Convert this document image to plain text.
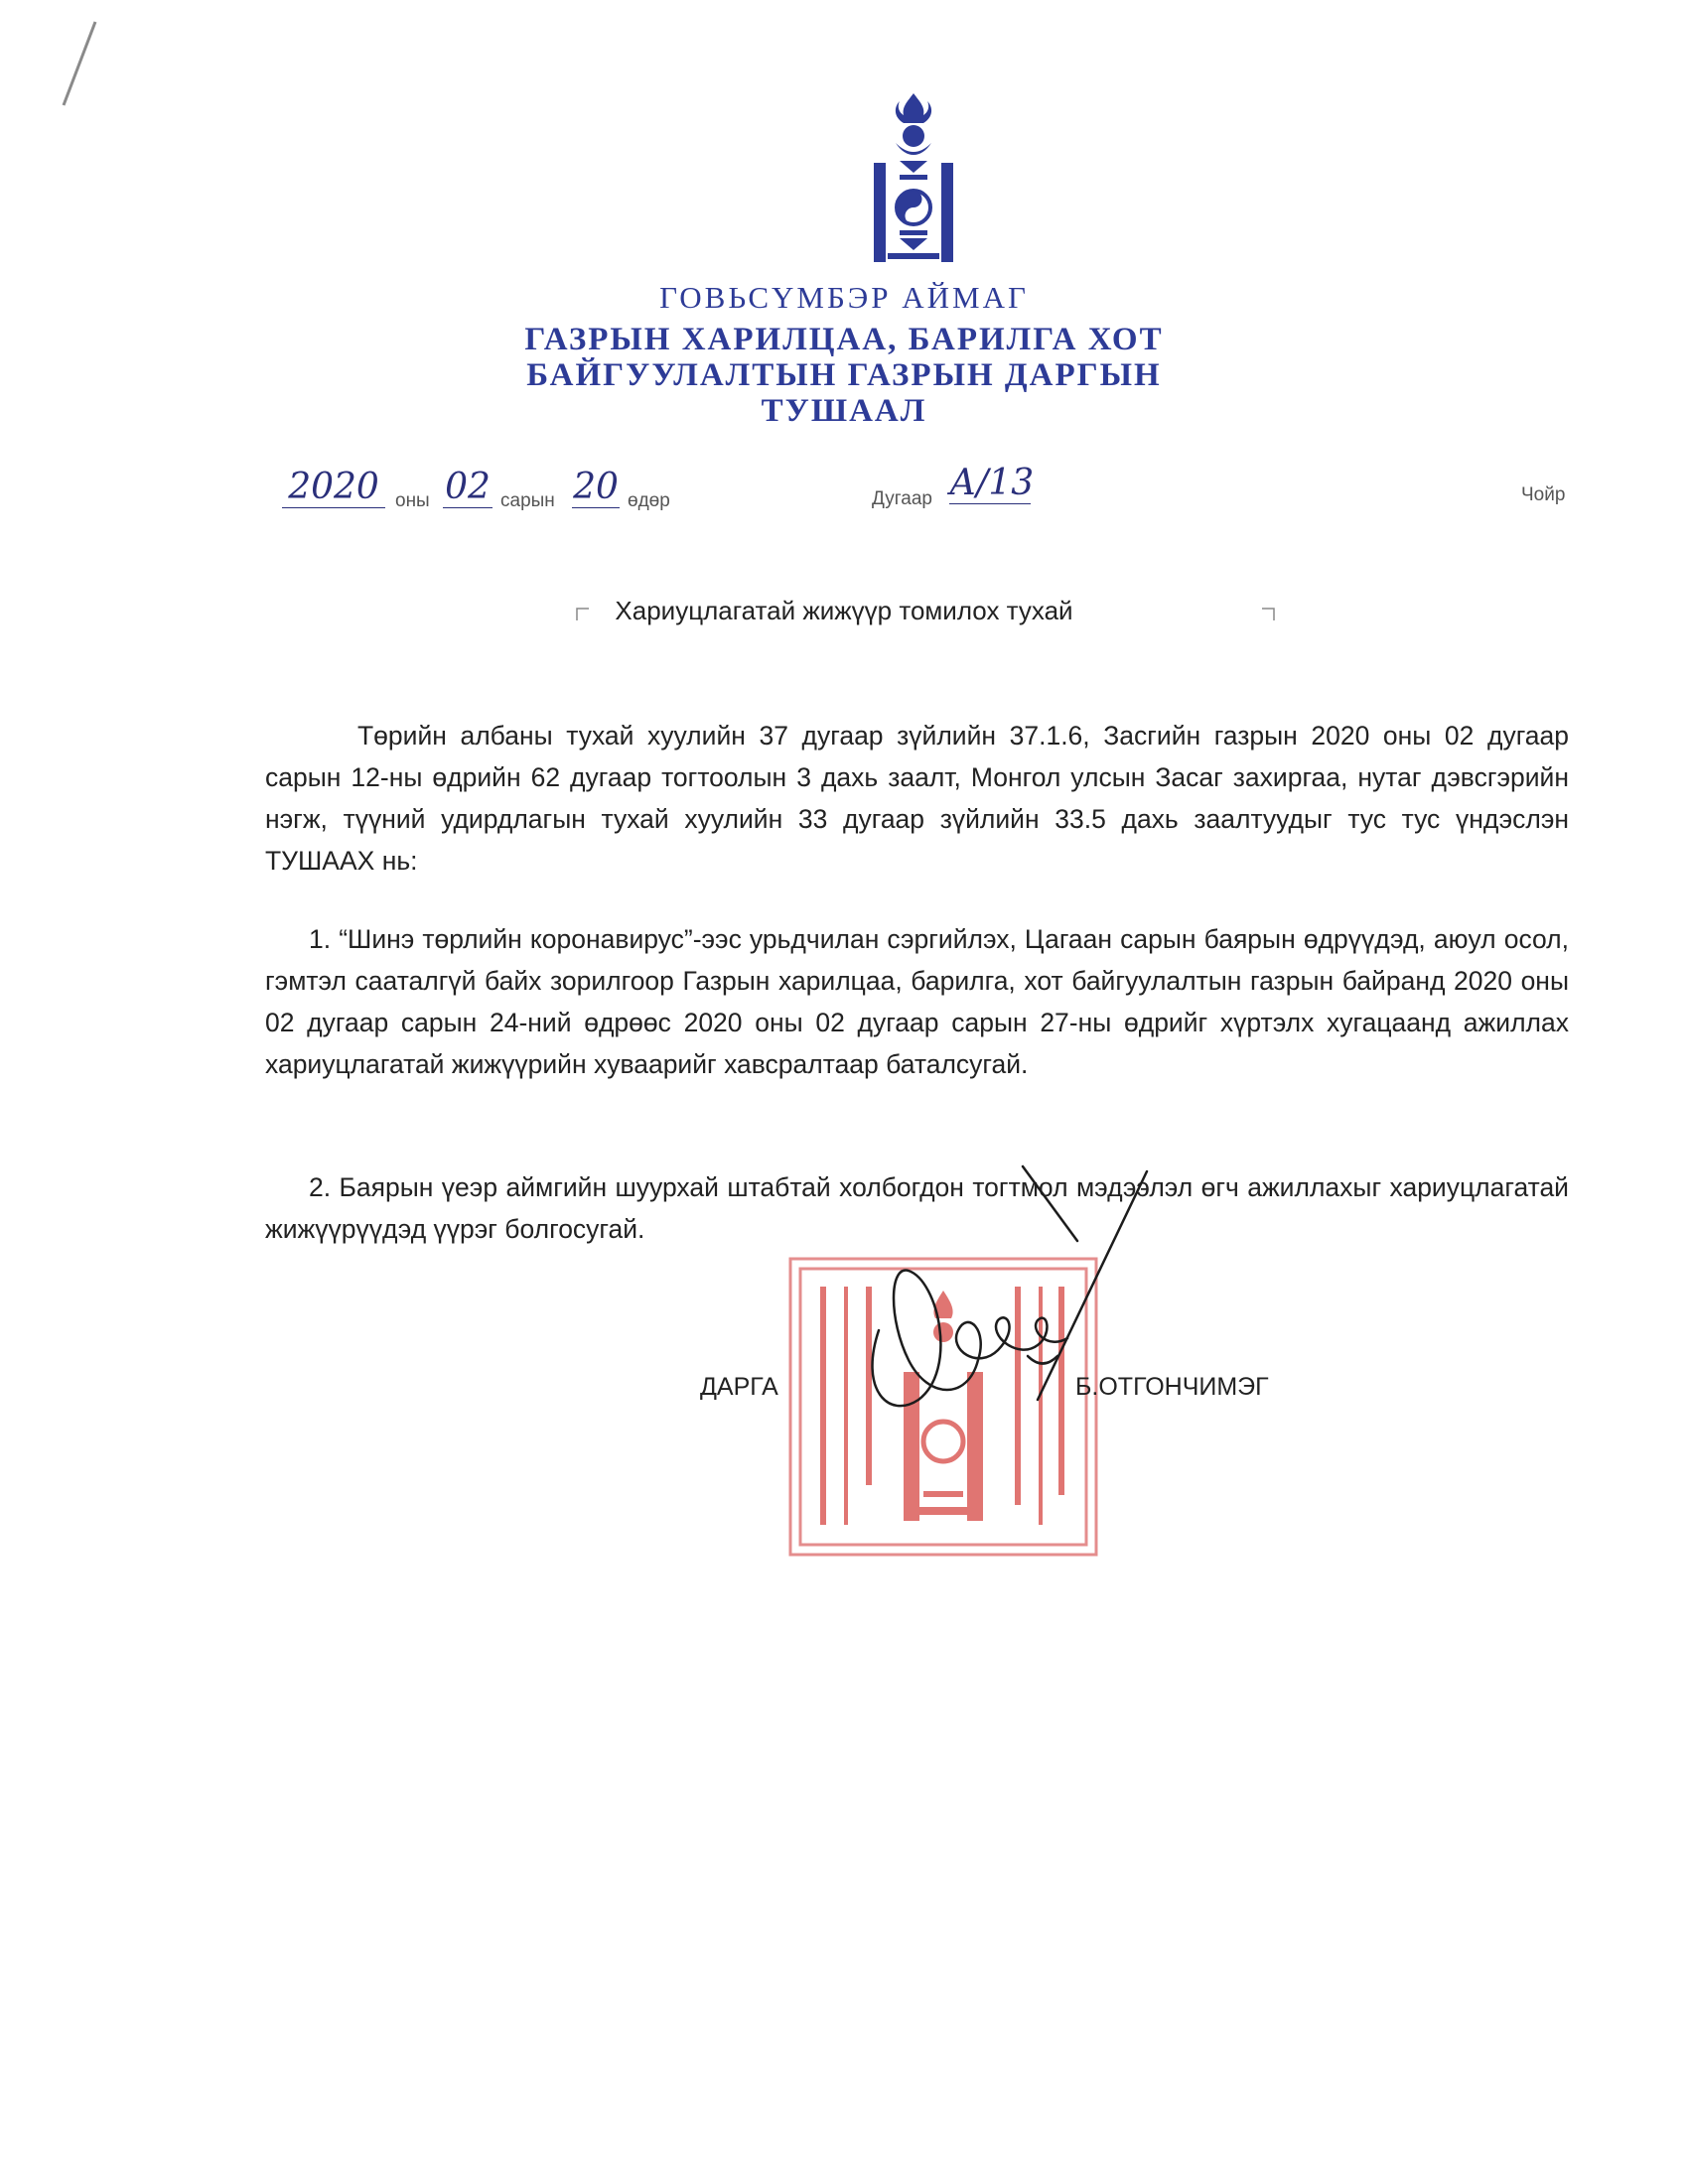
ГОВЬСҮМБЭР АЙМАГ
ГАЗРЫН ХАРИЛЦАА, БАРИЛГА ХОТ
БАЙГУУЛАЛТЫН ГАЗРЫН ДАРГЫН
ТУШААЛ
2020 оны 02 сарын 20 өдөр	Дугаар А/13	Чойр
Хариуцлагатай жижүүр томилох тухай
Төрийн албаны тухай хуулийн 37 дугаар зүйлийн 37.1.6, Засгийн газрын 2020 оны 02 дугаар сарын 12-ны өдрийн 62 дугаар тогтоолын 3 дахь заалт, Монгол улсын Засаг захиргаа, нутаг дэвсгэрийн нэгж, түүний удирдлагын тухай хуулийн 33 дугаар зүйлийн 33.5 дахь заалтуудыг тус тус үндэслэн ТУШААХ нь:
1. “Шинэ төрлийн коронавирус”-ээс урьдчилан сэргийлэх, Цагаан сарын баярын өдрүүдэд, аюул осол, гэмтэл сааталгүй байх зорилгоор Газрын харилцаа, барилга, хот байгуулалтын газрын байранд 2020 оны 02 дугаар сарын 24-ний өдрөөс 2020 оны 02 дугаар сарын 27-ны өдрийг хүртэлх хугацаанд ажиллах хариуцлагатай жижүүрийн хуваарийг хавсралтаар баталсугай.
2. Баярын үеэр аймгийн шуурхай штабтай холбогдон тогтмол мэдээлэл өгч ажиллахыг хариуцлагатай жижүүрүүдэд үүрэг болгосугай.
ДАРГА	Б.ОТГОНЧИМЭГ
